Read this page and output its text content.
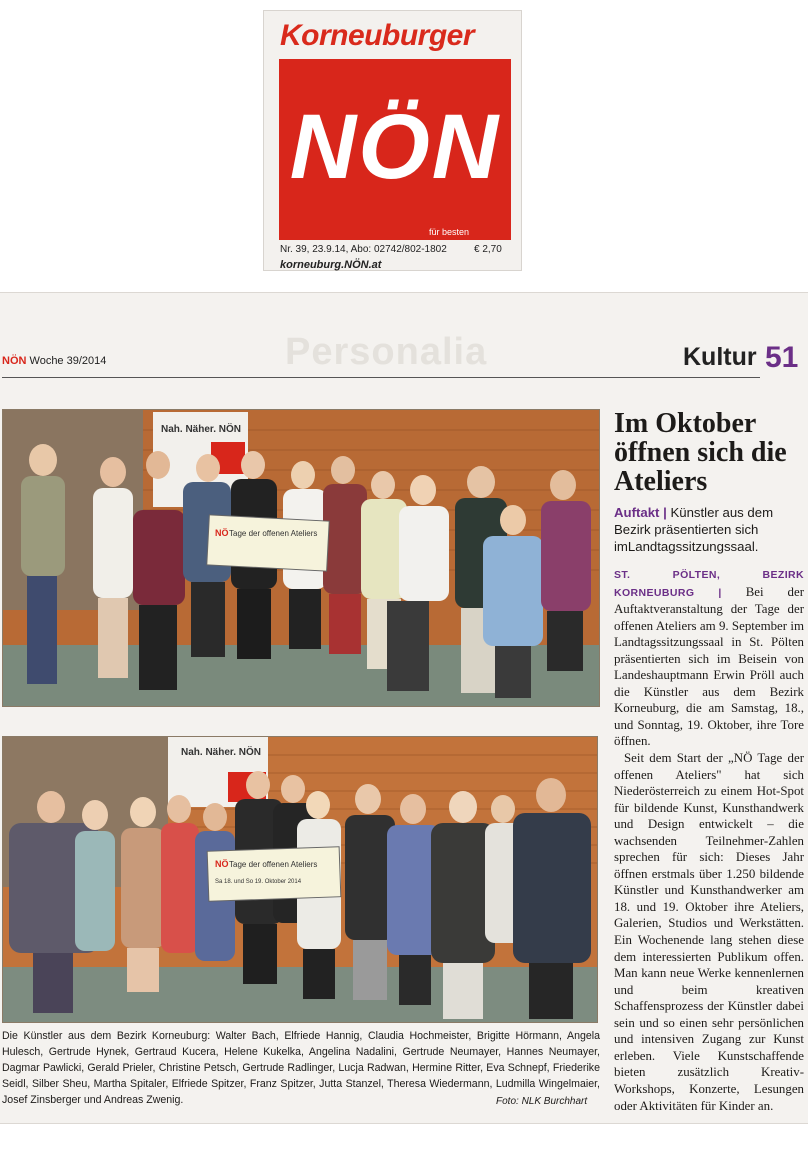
Korneuburger
NÖN
für besten
Nr. 39, 23.9.14, Abo: 02742/802-1802	€ 2,70
korneuburg.NÖN.at
Personalia
NÖN Woche 39/2014	Kultur 51
Nah. Näher. NÖN
NÖ Tage der offenen Ateliers
Nah. Näher. NÖN
NÖ Tage der offenen Ateliers
Sa 18. und So 19. Oktober 2014
Die Künstler aus dem Bezirk Korneuburg: Walter Bach, Elfriede Hannig, Claudia Hochmeister, Brigitte Hörmann, Angela Hulesch, Gertrude Hynek, Gertraud Kucera, Helene Kukelka, Angelina Nadalini, Gertrude Neumayer, Hannes Neumayer, Dagmar Pawlicki, Gerald Prieler, Christine Petsch, Gertrude Radlinger, Lucja Radwan, Hermine Ritter, Eva Schnepf, Friederike Seidl, Silber Sheu, Martha Spitaler, Elfriede Spitzer, Franz Spitzer, Jutta Stanzel, Theresa Wiedermann, Ludmilla Wingelmaier, Josef Zinsberger und Andreas Zwenig.	Foto: NLK Burchhart
Im Oktober öffnen sich die Ateliers

Auftakt | Künstler aus dem Bezirk präsentierten sich imLandtagssitzungssaal.

ST. PÖLTEN, BEZIRK KORNEUBURG | Bei der Auftaktveranstaltung der Tage der offenen Ateliers am 9. September im Landtagssitzungssaal in St. Pölten präsentierten sich im Beisein von Landeshauptmann Erwin Pröll auch die Künstler aus dem Bezirk Korneuburg, die am Samstag, 18., und Sonntag, 19. Oktober, ihre Tore öffnen.

Seit dem Start der „NÖ Tage der offenen Ateliers" hat sich Niederösterreich zu einem Hot-Spot für bildende Kunst, Kunsthandwerk und Design entwickelt – die wachsenden Teilnehmer-Zahlen sprechen für sich: Dieses Jahr öffnen erstmals über 1.250 bildende Künstler und Kunsthandwerker am 18. und 19. Oktober ihre Ateliers, Galerien, Studios und Werkstätten. Ein Wochenende lang stehen diese dem interessierten Publikum offen. Man kann neue Werke kennenlernen und beim kreativen Schaffensprozess der Künstler dabei sein und so einen sehr persönlichen und intensiven Zugang zur Kunst erleben. Viele Kunstschaffende bieten zusätzlich Kreativ-Workshops, Konzerte, Lesungen oder Aktivitäten für Kinder an.
